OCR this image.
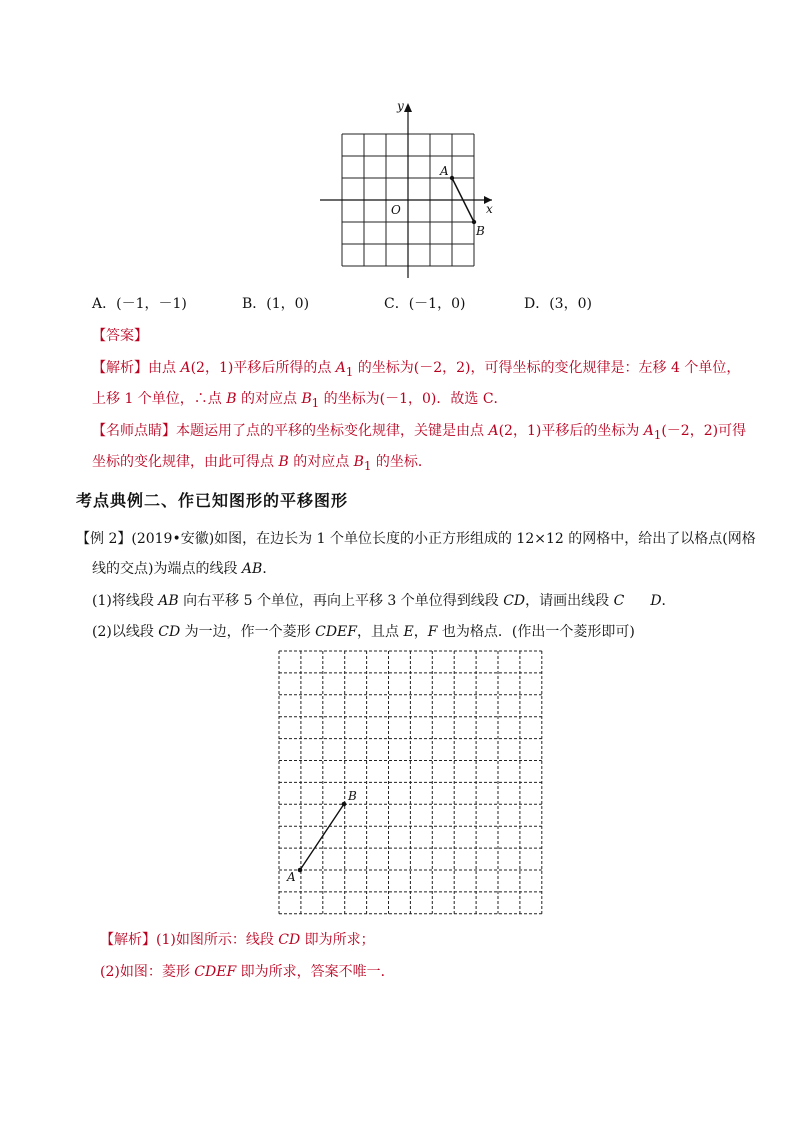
y
x
O
A
B
A．(－1，－1)	B．(1，0)	C．(－1，0)	D．(3，0)
【答案】
【解析】由点 A(2，1)平移后所得的点 $A_1$ 的坐标为(－2，2)，可得坐标的变化规律是：左移 4 个单位，
上移 1 个单位，∴点 B 的对应点 $B_1$ 的坐标为(－1，0)．故选 C．
【名师点睛】本题运用了点的平移的坐标变化规律，关键是由点 A(2，1)平移后的坐标为 $A_1(-2$，2)可得
坐标的变化规律，由此可得点 B 的对应点 $B_1$ 的坐标．
考点典例二、作已知图形的平移图形
【例 2】(2019•安徽)如图，在边长为 1 个单位长度的小正方形组成的 12×12 的网格中，给出了以格点(网格
线的交点)为端点的线段 AB．
(1)将线段 AB 向右平移 5 个单位，再向上平移 3 个单位得到线段 CD，请画出线段 C D．
(2)以线段 CD 为一边，作一个菱形 CDEF，且点 E，F 也为格点．(作出一个菱形即可)
A
B
【解析】(1)如图所示：线段 CD 即为所求；
(2)如图：菱形 CDEF 即为所求，答案不唯一．
